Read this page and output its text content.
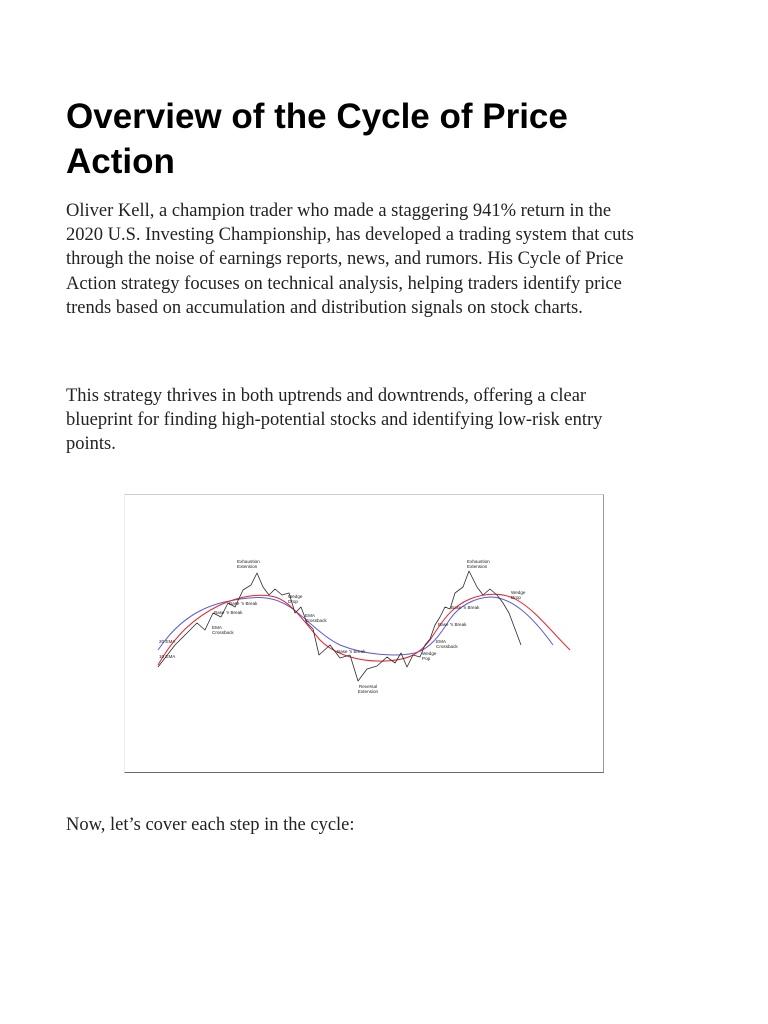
Overview of the Cycle of Price Action

Oliver Kell, a champion trader who made a staggering 941% return in the 2020 U.S. Investing Championship, has developed a trading system that cuts through the noise of earnings reports, news, and rumors. His Cycle of Price Action strategy focuses on technical analysis, helping traders identify price trends based on accumulation and distribution signals on stock charts.

This strategy thrives in both uptrends and downtrends, offering a clear blueprint for finding high-potential stocks and identifying low-risk entry points.

Now, let’s cover each step in the cycle:

20 EMA
10 EMA
Exhaustion
Extension
Base 'n Break
Base 'n Break
EMA
Crossback
Wedge
Drop
EMA
Crossback
Base 'n Break
Reversal
Extension
Wedge
Pop
EMA
Crossback
Base 'n Break
Base 'n Break
Exhaustion
Extension
Wedge
Drop
